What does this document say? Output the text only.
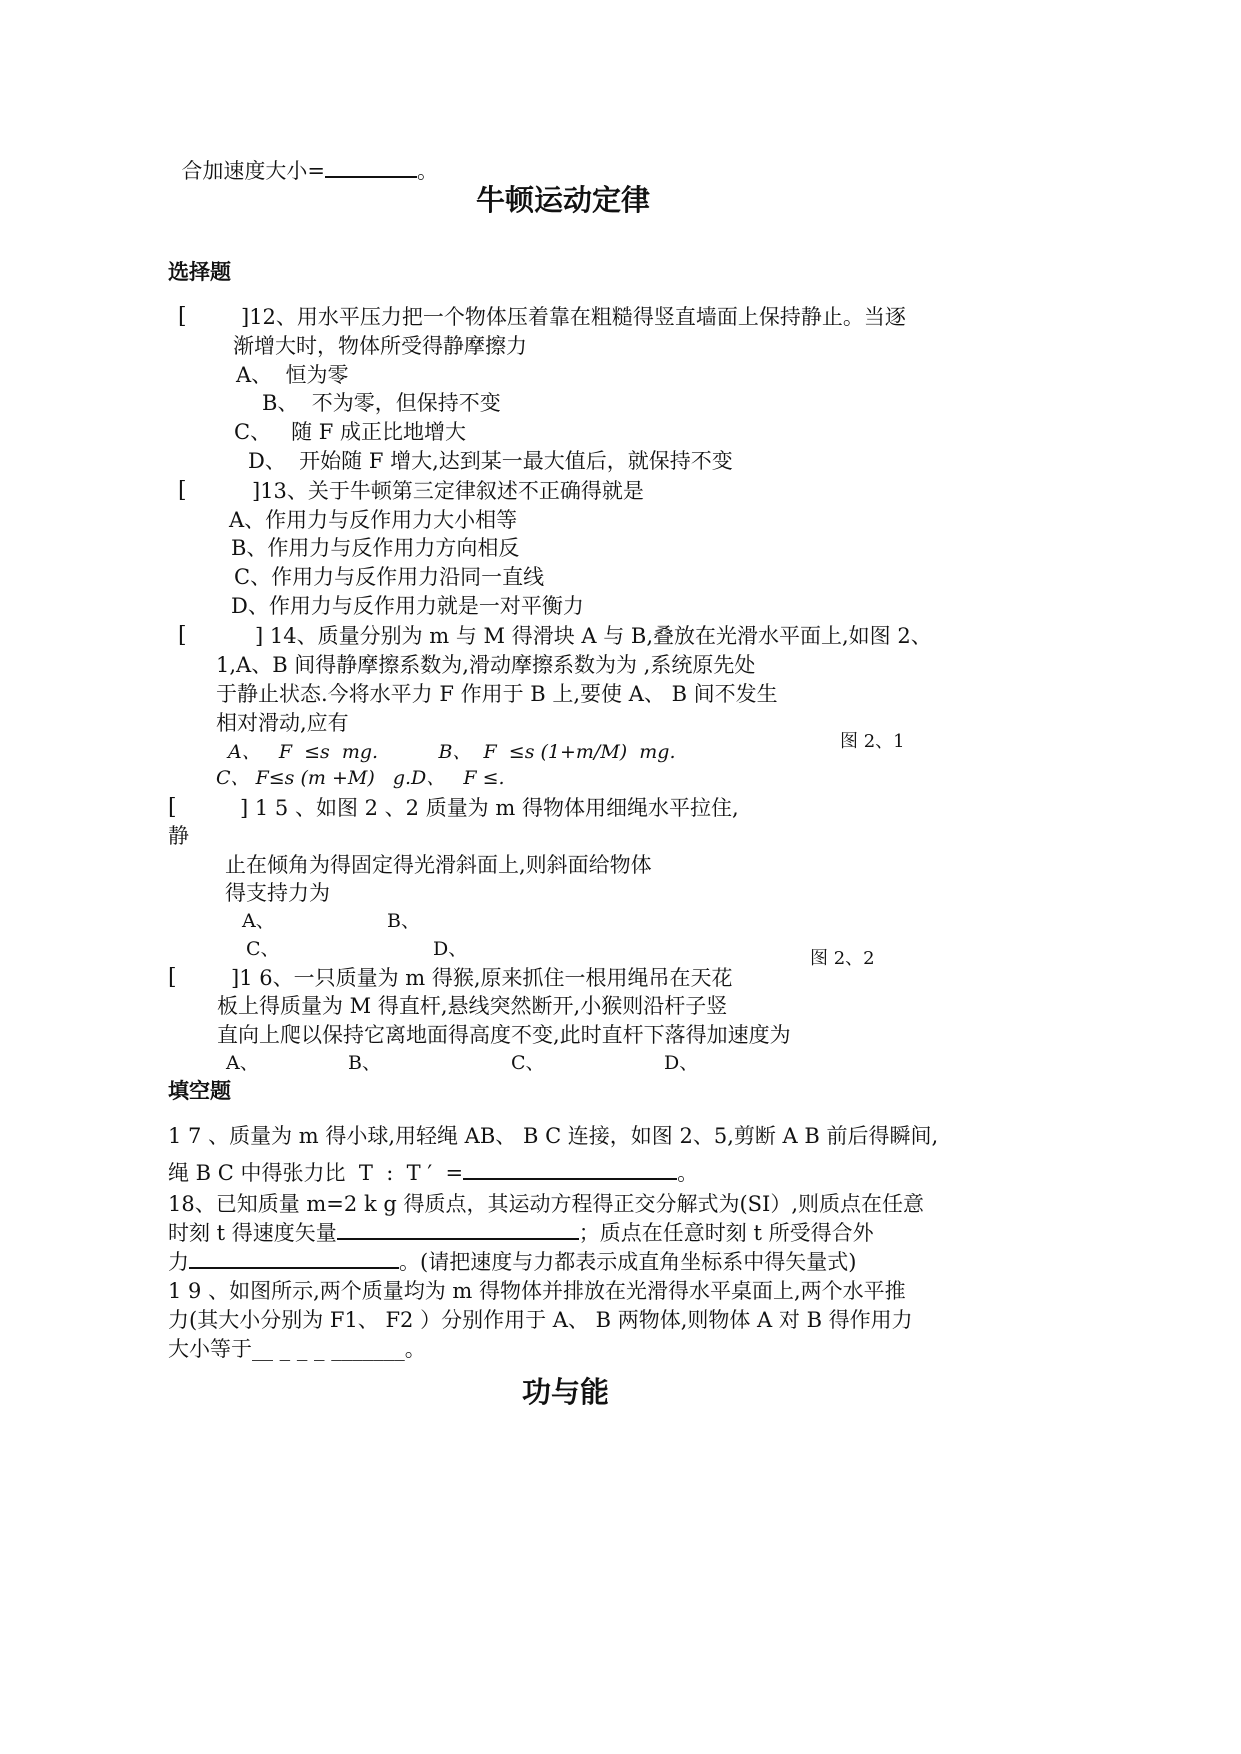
合加速度大小=	。

牛顿运动定律
选择题
[	]12、用水平压力把一个物体压着靠在粗糙得竖直墙面上保持静止。当逐
渐增大时，物体所受得静摩擦力
A、  恒为零
B、  不为零，但保持不变
C、   随 F 成正比地增大
D、  开始随 F 增大,达到某一最大值后，就保持不变
[	]13、关于牛顿第三定律叙述不正确得就是
A、作用力与反作用力大小相等
B、作用力与反作用力方向相反
C、作用力与反作用力沿同一直线
D、作用力与反作用力就是一对平衡力
[	] 14、质量分别为 m 与 M 得滑块 A 与 B,叠放在光滑水平面上,如图 2、
1,A、B 间得静摩擦系数为,滑动摩擦系数为为 ,系统原先处
于静止状态.今将水平力 F 作用于 B 上,要使 A、 B 间不发生
相对滑动,应有
A、   F  ≤s  mg.          B、  F  ≤s (1+m/M)  mg.
C、 F≤s (m +M)   g.D、   F ≤.
图 2、1
[	] 1 5 、如图 2 、2 质量为 m 得物体用细绳水平拉住,
静
止在倾角为得固定得光滑斜面上,则斜面给物体
得支持力为
A、	B、
C、	D、	图 2、2
[	]1 6、一只质量为 m 得猴,原来抓住一根用绳吊在天花
板上得质量为 M 得直杆,悬线突然断开,小猴则沿杆子竖
直向上爬以保持它离地面得高度不变,此时直杆下落得加速度为
A、	B、	C、	D、
填空题
1 7 、质量为 m 得小球,用轻绳 AB、 B C 连接，如图 2、5,剪断 A B 前后得瞬间,
绳 B C 中得张力比  T  :  T ′  =	。
18、已知质量 m=2 k g 得质点，其运动方程得正交分解式为(SI）,则质点在任意
时刻 t 得速度矢量	；质点在任意时刻 t 所受得合外
力	。(请把速度与力都表示成直角坐标系中得矢量式)
1 9 、如图所示,两个质量均为 m 得物体并排放在光滑得水平桌面上,两个水平推
力(其大小分别为 F1、 F2 ）分别作用于 A、 B 两物体,则物体 A 对 B 得作用力
大小等于__ _ _ _ _______。
功与能
